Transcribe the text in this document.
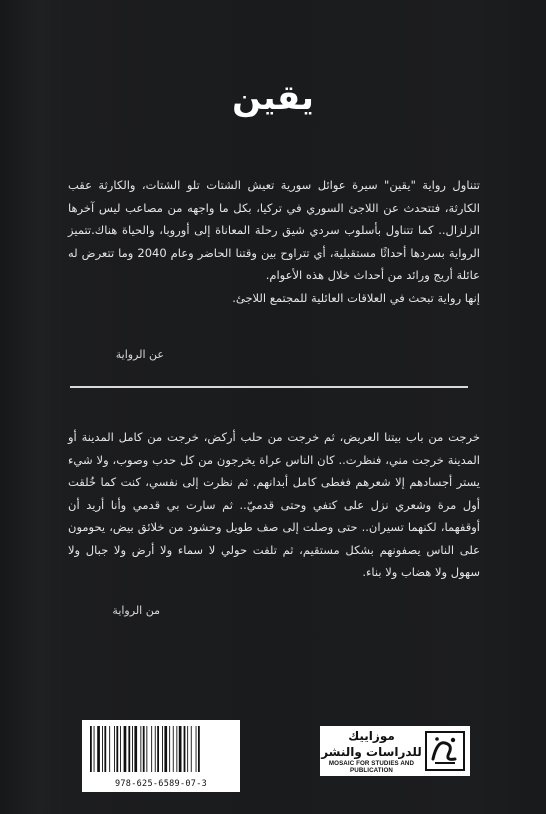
يقين

تتناول رواية "يقين" سيرة عوائل سورية تعيش الشتات تلو الشتات، والكارثة عقب الكارثة، فتتحدث عن اللاجئ السوري في تركيا، بكل ما واجهه من مصاعب ليس آخرها الزلزال.. كما تتناول بأسلوب سردي شيق رحلة المعاناة إلى أوروبا، والحياة هناك.تتميز الرواية بسردها أحداثًا مستقبلية، أي تتراوح بين وقتنا الحاضر وعام 2040 وما تتعرض له عائلة أريج ورائد من أحداث خلال هذه الأعوام.

إنها رواية تبحث في العلاقات العائلية للمجتمع اللاجئ.

عن الرواية

خرجت من باب بيتنا العريض، ثم خرجت من حلب أركض، خرجت من كامل المدينة أو المدينة خرجت مني، فنظرت.. كان الناس عراة يخرجون من كل حدب وصوب، ولا شيء يستر أجسادهم إلا شعرهم فغطى كامل أبدانهم. ثم نظرت إلى نفسي، كنت كما خُلقت أول مرة وشعري نزل على كتفي وحتى قدميّ.. ثم سارت بي قدمي وأنا أريد أن أوقفهما، لكنهما تسيران.. حتى وصلت إلى صف طويل وحشود من خلائق بيض، يحومون على الناس يصفونهم بشكل مستقيم، ثم تلفت حولي لا سماء ولا أرض ولا جبال ولا سهول ولا هضاب ولا بناء.

من الرواية
978-625-6589-07-3
موزاييك للدراسات والنشر
MOSAIC FOR STUDIES AND PUBLICATION
